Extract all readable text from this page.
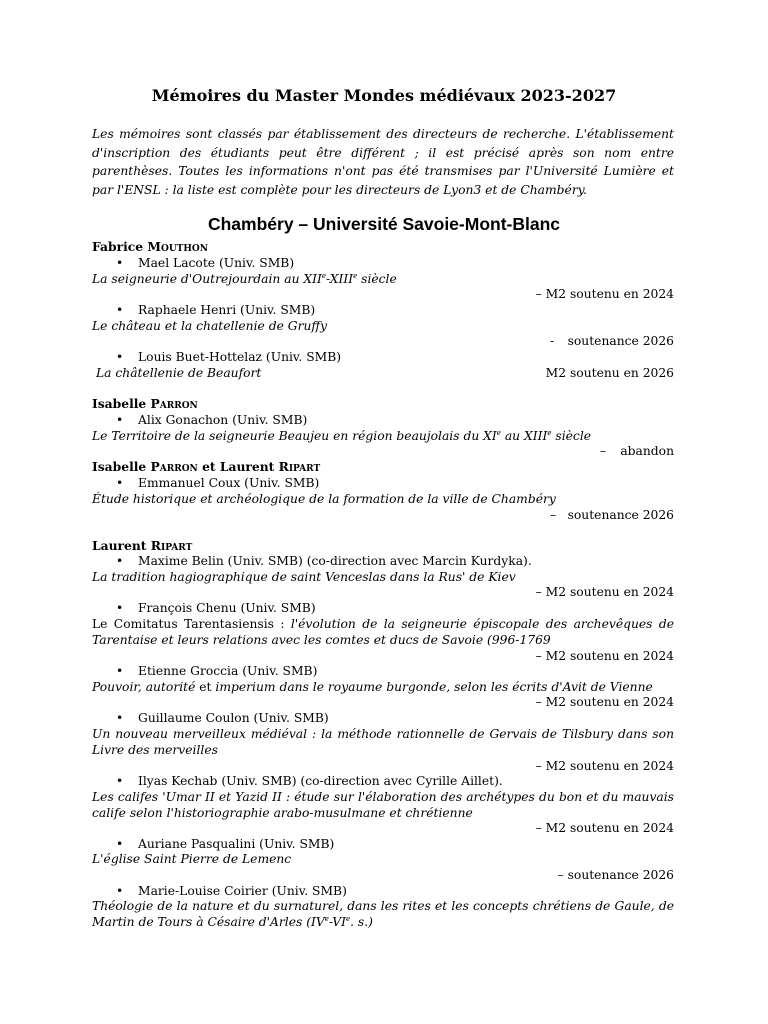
Mémoires du Master Mondes médiévaux 2023-2027
Les mémoires sont classés par établissement des directeurs de recherche. L'établissement d'inscription des étudiants peut être différent ; il est précisé après son nom entre parenthèses. Toutes les informations n'ont pas été transmises par l'Université Lumière et par l'ENSL : la liste est complète pour les directeurs de Lyon3 et de Chambéry.
Chambéry – Université Savoie-Mont-Blanc
Fabrice Mouthon
• Mael Lacote (Univ. SMB)
La seigneurie d'Outrejourdain au XIIe-XIIIe siècle
– M2 soutenu en 2024
• Raphaele Henri (Univ. SMB)
Le château et la chatellenie de Gruffy
- soutenance 2026
• Louis Buet-Hottelaz (Univ. SMB)
La châtellenie de Beaufort	M2 soutenu en 2026
Isabelle Parron
• Alix Gonachon (Univ. SMB)
Le Territoire de la seigneurie Beaujeu en région beaujolais du XIe au XIIIe siècle
– abandon
Isabelle Parron et Laurent Ripart
• Emmanuel Coux (Univ. SMB)
Étude historique et archéologique de la formation de la ville de Chambéry
– soutenance 2026
Laurent Ripart
• Maxime Belin (Univ. SMB) (co-direction avec Marcin Kurdyka).
La tradition hagiographique de saint Venceslas dans la Rus' de Kiev
– M2 soutenu en 2024
• François Chenu (Univ. SMB)
Le Comitatus Tarentasiensis : l'évolution de la seigneurie épiscopale des archevêques de Tarentaise et leurs relations avec les comtes et ducs de Savoie (996-1769
– M2 soutenu en 2024
• Etienne Groccia (Univ. SMB)
Pouvoir, autorité et imperium dans le royaume burgonde, selon les écrits d'Avit de Vienne
– M2 soutenu en 2024
• Guillaume Coulon (Univ. SMB)
Un nouveau merveilleux médiéval : la méthode rationnelle de Gervais de Tilsbury dans son Livre des merveilles
– M2 soutenu en 2024
• Ilyas Kechab (Univ. SMB) (co-direction avec Cyrille Aillet).
Les califes 'Umar II et Yazid II : étude sur l'élaboration des archétypes du bon et du mauvais calife selon l'historiographie arabo-musulmane et chrétienne
– M2 soutenu en 2024
• Auriane Pasqualini (Univ. SMB)
L'église Saint Pierre de Lemenc
– soutenance 2026
• Marie-Louise Coirier (Univ. SMB)
Théologie de la nature et du surnaturel, dans les rites et les concepts chrétiens de Gaule, de Martin de Tours à Césaire d'Arles (IVe-VIe. s.)
